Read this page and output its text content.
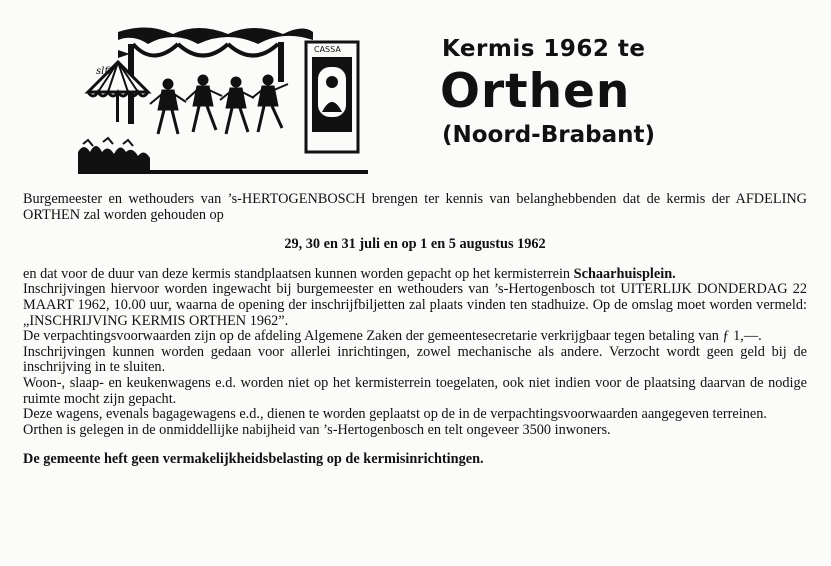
slfi
CASSA	Kermis 1962 te
Orthen
(Noord-Brabant)

Burgemeester en wethouders van ’s-HERTOGENBOSCH brengen ter kennis van belanghebbenden dat de kermis der AFDELING ORTHEN zal worden gehouden op

29, 30 en 31 juli en op 1 en 5 augustus 1962

en dat voor de duur van deze kermis standplaatsen kunnen worden gepacht op het kermisterrein Schaarhuisplein.

Inschrijvingen hiervoor worden ingewacht bij burgemeester en wethouders van ’s-Hertogenbosch tot UITERLIJK DONDERDAG 22 MAART 1962, 10.00 uur, waarna de opening der inschrijfbiljetten zal plaats vinden ten stadhuize. Op de omslag moet worden vermeld: „INSCHRIJVING KERMIS ORTHEN 1962”.

De verpachtingsvoorwaarden zijn op de afdeling Algemene Zaken der gemeentesecretarie verkrijgbaar tegen betaling van ƒ 1,—.

Inschrijvingen kunnen worden gedaan voor allerlei inrichtingen, zowel mechanische als andere. Verzocht wordt geen geld bij de inschrijving in te sluiten.

Woon-, slaap- en keukenwagens e.d. worden niet op het kermisterrein toegelaten, ook niet indien voor de plaatsing daarvan de nodige ruimte mocht zijn gepacht.

Deze wagens, evenals bagagewagens e.d., dienen te worden geplaatst op de in de verpachtingsvoorwaarden aangegeven terreinen.

Orthen is gelegen in de onmiddellijke nabijheid van ’s-Hertogenbosch en telt ongeveer 3500 inwoners.

De gemeente heft geen vermakelijkheidsbelasting op de kermisinrichtingen.
